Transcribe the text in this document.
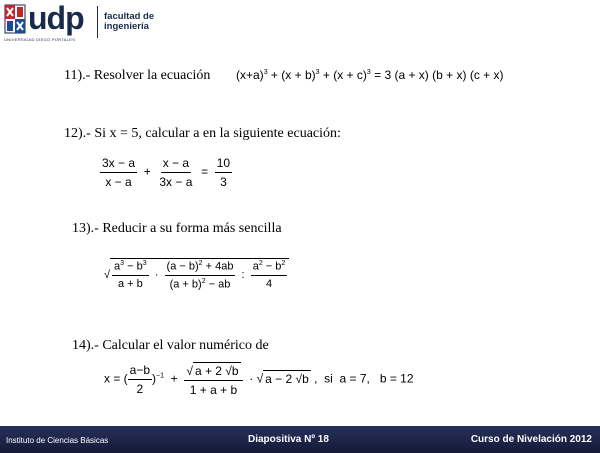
udp
UNIVERSIDAD DIEGO PORTALES
facultad de
ingeniería
11).- Resolver la ecuación $(x+a)^3 + (x + b)^3 + (x + c)^3 = 3$ (a + x) (b + x) (c + x)
12).- Si x = 5, calcular a en la siguiente ecuación:
$\frac{3x - a}{x - a} + \frac{x - a}{3x - a} = \frac{10}{3}$
13).- Reducir a su forma más sencilla
√ $\frac{a^3 - b^3}{a + b} \cdot \frac{(a - b)^2 + 4ab}{(a + b)^2 - ab}$ : $\frac{a^2 - b^2}{4}$
14).- Calcular el valor numérico de
x = ( $\frac{a-b}{2} )^{-1} + \frac{√ a + 2 √b}{1 + a + b}$ · √ a − 2 √b ,  si  a = 7,   b = 12
Instituto de Ciencias Básicas	Diapositiva Nº 18	Curso de Nivelación 2012
